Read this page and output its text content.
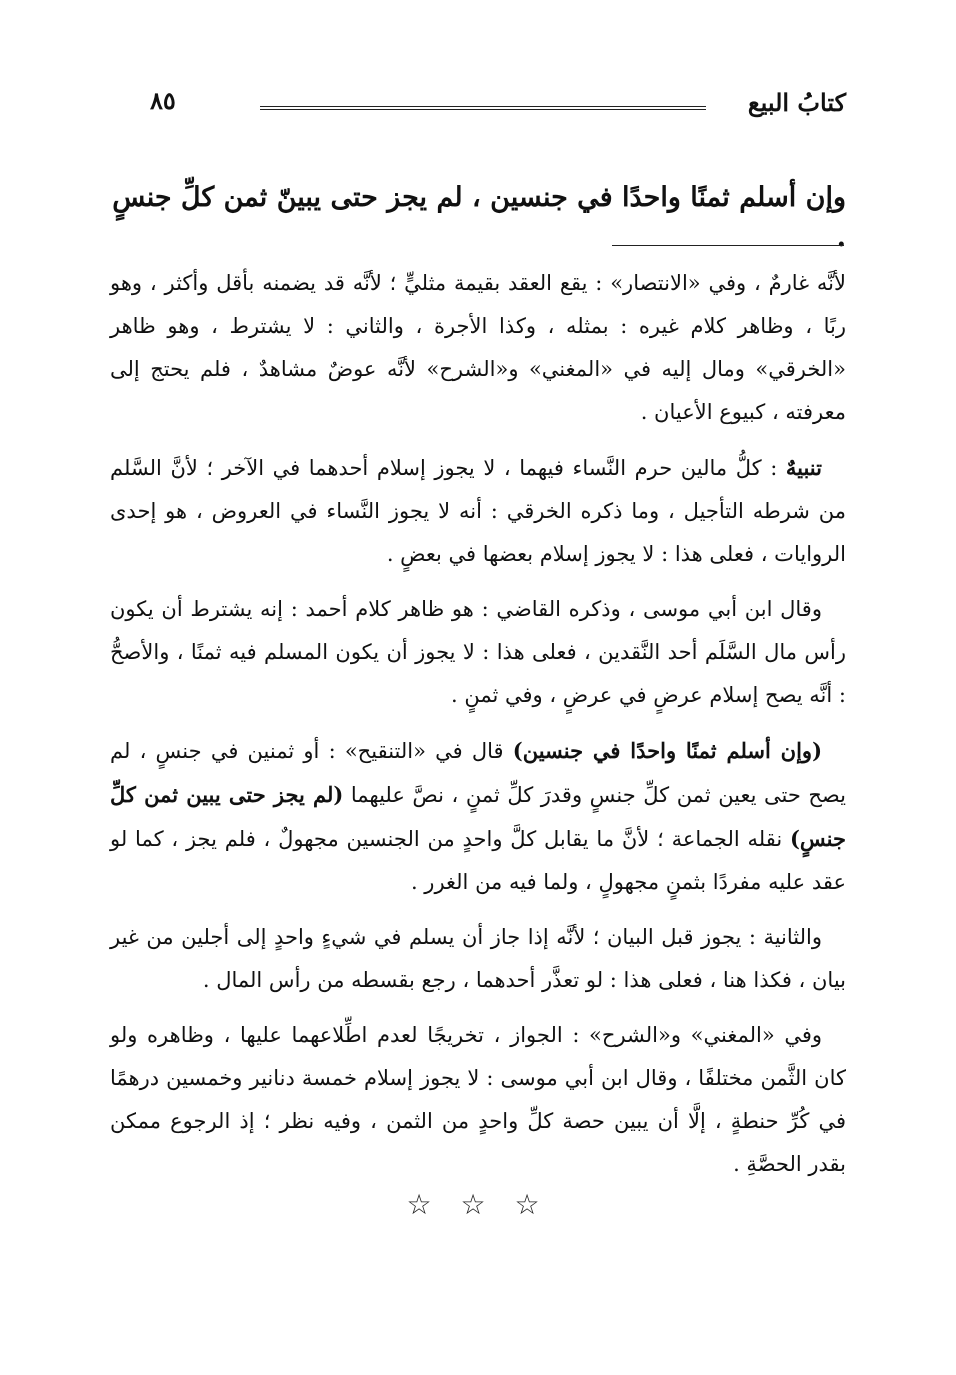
كتابُ البيع
٨٥
وإن أسلم ثمنًا واحدًا في جنسين ، لم يجز حتى يبينّ ثمن كلِّ جنسٍ .

لأنَّه غارمٌ ، وفي «الانتصار» : يقع العقد بقيمة مثليٍّ ؛ لأنَّه قد يضمنه بأقل وأكثر ، وهو ربًا ، وظاهر كلام غيره : بمثله ، وكذا الأجرة ، والثاني : لا يشترط ، وهو ظاهر «الخرقي» ومال إليه في «المغني» و«الشرح» لأنَّه عوضٌ مشاهدٌ ، فلم يحتج إلى معرفته ، كبيوع الأعيان .

تنبيهٌ : كلُّ مالين حرم النَّساء فيهما ، لا يجوز إسلام أحدهما في الآخر ؛ لأنَّ السَّلم من شرطه التأجيل ، وما ذكره الخرقي : أنه لا يجوز النَّساء في العروض ، هو إحدى الروايات ، فعلى هذا : لا يجوز إسلام بعضها في بعضٍ .

وقال ابن أبي موسى ، وذكره القاضي : هو ظاهر كلام أحمد : إنه يشترط أن يكون رأس مال السَّلَم أحد النَّقدين ، فعلى هذا : لا يجوز أن يكون المسلم فيه ثمنًا ، والأصحُّ : أنَّه يصح إسلام عرضٍ في عرضٍ ، وفي ثمنٍ .

(وإن أسلم ثمنًا واحدًا في جنسين) قال في «التنقيح» : أو ثمنين في جنسٍ ، لم يصح حتى يعين ثمن كلِّ جنسٍ وقدرَ كلِّ ثمنٍ ، نصَّ عليهما (لم يجز حتى يبين ثمن كلِّ جنسٍ) نقله الجماعة ؛ لأنَّ ما يقابل كلَّ واحدٍ من الجنسين مجهولٌ ، فلم يجز ، كما لو عقد عليه مفردًا بثمنٍ مجهولٍ ، ولما فيه من الغرر .

والثانية : يجوز قبل البيان ؛ لأنَّه إذا جاز أن يسلم في شيءٍ واحدٍ إلى أجلين من غير بيان ، فكذا هنا ، فعلى هذا : لو تعذَّر أحدهما ، رجع بقسطه من رأس المال .

وفي «المغني» و«الشرح» : الجواز ، تخريجًا لعدم اطِّلاعهما عليها ، وظاهره ولو كان الثَّمن مختلفًا ، وقال ابن أبي موسى : لا يجوز إسلام خمسة دنانير وخمسين درهمًا في كُرِّ حنطةٍ ، إلَّا أن يبين حصة كلِّ واحدٍ من الثمن ، وفيه نظر ؛ إذ الرجوع ممكن بقدر الحصَّةِ .

☆ ☆ ☆
